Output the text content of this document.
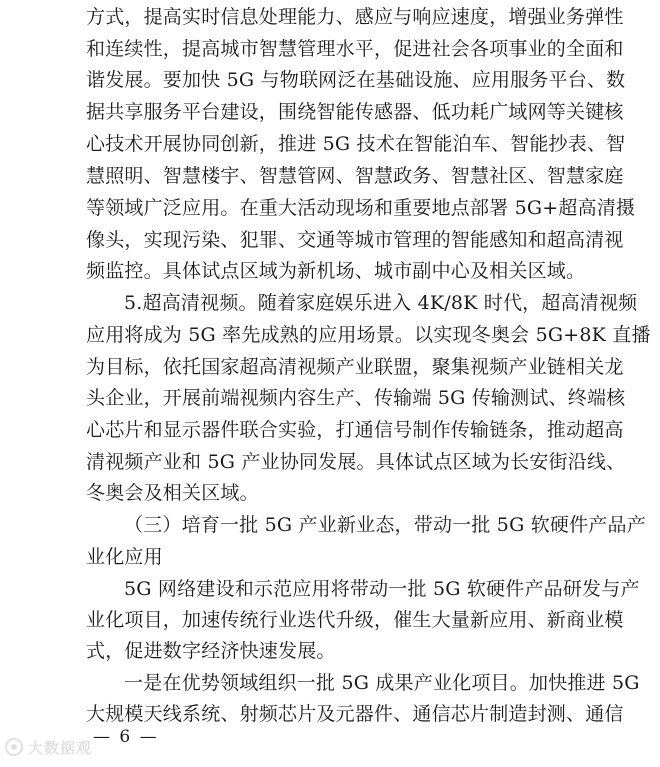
方式，提高实时信息处理能力、感应与响应速度，增强业务弹性
和连续性，提高城市智慧管理水平，促进社会各项事业的全面和
谐发展。要加快 5G 与物联网泛在基础设施、应用服务平台、数
据共享服务平台建设，围绕智能传感器、低功耗广域网等关键核
心技术开展协同创新，推进 5G 技术在智能泊车、智能抄表、智
慧照明、智慧楼宇、智慧管网、智慧政务、智慧社区、智慧家庭
等领域广泛应用。在重大活动现场和重要地点部署 5G+超高清摄
像头，实现污染、犯罪、交通等城市管理的智能感知和超高清视
频监控。具体试点区域为新机场、城市副中心及相关区域。
5.超高清视频。随着家庭娱乐进入 4K/8K 时代，超高清视频
应用将成为 5G 率先成熟的应用场景。以实现冬奥会 5G+8K 直播
为目标，依托国家超高清视频产业联盟，聚集视频产业链相关龙
头企业，开展前端视频内容生产、传输端 5G 传输测试、终端核
心芯片和显示器件联合实验，打通信号制作传输链条，推动超高
清视频产业和 5G 产业协同发展。具体试点区域为长安街沿线、
冬奥会及相关区域。
（三）培育一批 5G 产业新业态，带动一批 5G 软硬件产品产
业化应用
5G 网络建设和示范应用将带动一批 5G 软硬件产品研发与产
业化项目，加速传统行业迭代升级，催生大量新应用、新商业模
式，促进数字经济快速发展。
一是在优势领域组织一批 5G 成果产业化项目。加快推进 5G
大规模天线系统、射频芯片及元器件、通信芯片制造封测、通信
— 6 —
大数据观
